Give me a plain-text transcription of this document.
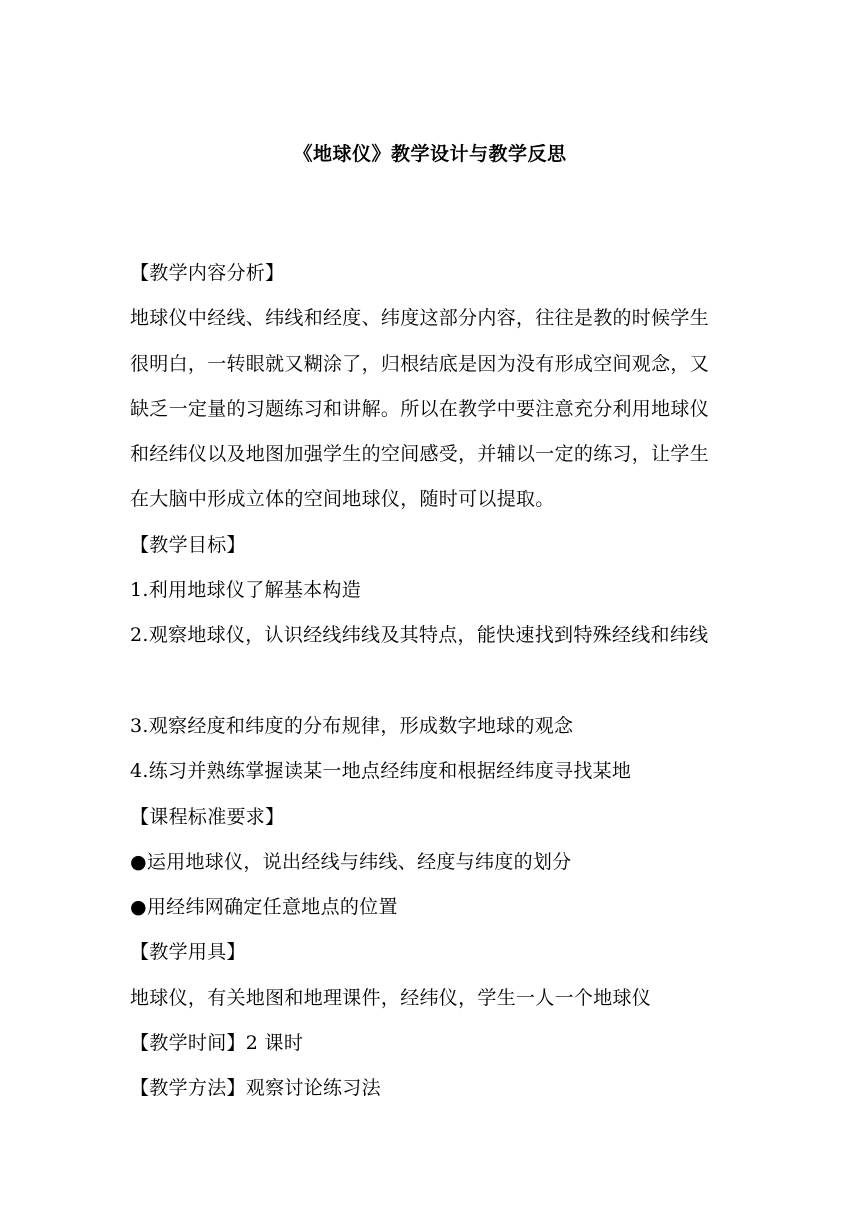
《地球仪》教学设计与教学反思
【教学内容分析】
地球仪中经线、纬线和经度、纬度这部分内容，往往是教的时候学生
很明白，一转眼就又糊涂了，归根结底是因为没有形成空间观念，又
缺乏一定量的习题练习和讲解。所以在教学中要注意充分利用地球仪
和经纬仪以及地图加强学生的空间感受，并辅以一定的练习，让学生
在大脑中形成立体的空间地球仪，随时可以提取。
【教学目标】
1.利用地球仪了解基本构造
2.观察地球仪，认识经线纬线及其特点，能快速找到特殊经线和纬线
3.观察经度和纬度的分布规律，形成数字地球的观念
4.练习并熟练掌握读某一地点经纬度和根据经纬度寻找某地
【课程标准要求】
●运用地球仪，说出经线与纬线、经度与纬度的划分
●用经纬网确定任意地点的位置
【教学用具】
地球仪，有关地图和地理课件，经纬仪，学生一人一个地球仪
【教学时间】2 课时
【教学方法】观察讨论练习法
